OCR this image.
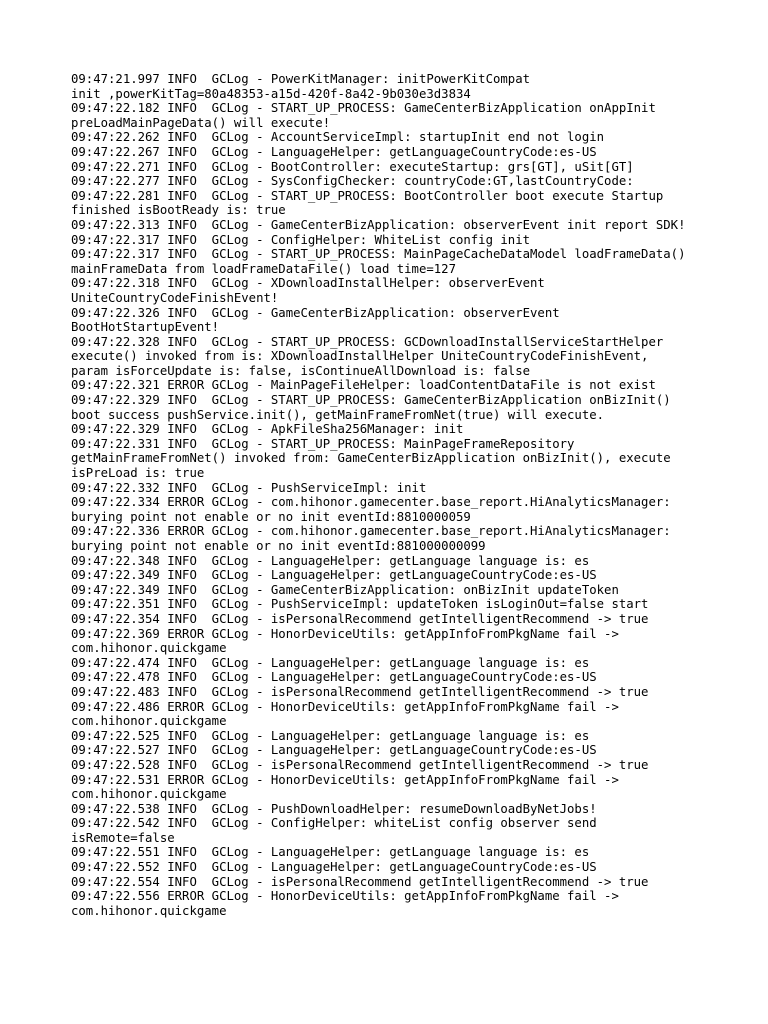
09:47:21.997 INFO  GCLog - PowerKitManager: initPowerKitCompat
init ,powerKitTag=80a48353-a15d-420f-8a42-9b030e3d3834
09:47:22.182 INFO  GCLog - START_UP_PROCESS: GameCenterBizApplication onAppInit
preLoadMainPageData() will execute!
09:47:22.262 INFO  GCLog - AccountServiceImpl: startupInit end not login
09:47:22.267 INFO  GCLog - LanguageHelper: getLanguageCountryCode:es-US
09:47:22.271 INFO  GCLog - BootController: executeStartup: grs[GT], uSit[GT]
09:47:22.277 INFO  GCLog - SysConfigChecker: countryCode:GT,lastCountryCode:
09:47:22.281 INFO  GCLog - START_UP_PROCESS: BootController boot execute Startup
finished isBootReady is: true
09:47:22.313 INFO  GCLog - GameCenterBizApplication: observerEvent init report SDK!
09:47:22.317 INFO  GCLog - ConfigHelper: WhiteList config init
09:47:22.317 INFO  GCLog - START_UP_PROCESS: MainPageCacheDataModel loadFrameData()
mainFrameData from loadFrameDataFile() load time=127
09:47:22.318 INFO  GCLog - XDownloadInstallHelper: observerEvent
UniteCountryCodeFinishEvent!
09:47:22.326 INFO  GCLog - GameCenterBizApplication: observerEvent
BootHotStartupEvent!
09:47:22.328 INFO  GCLog - START_UP_PROCESS: GCDownloadInstallServiceStartHelper
execute() invoked from is: XDownloadInstallHelper UniteCountryCodeFinishEvent,
param isForceUpdate is: false, isContinueAllDownload is: false
09:47:22.321 ERROR GCLog - MainPageFileHelper: loadContentDataFile is not exist
09:47:22.329 INFO  GCLog - START_UP_PROCESS: GameCenterBizApplication onBizInit()
boot success pushService.init(), getMainFrameFromNet(true) will execute.
09:47:22.329 INFO  GCLog - ApkFileSha256Manager: init
09:47:22.331 INFO  GCLog - START_UP_PROCESS: MainPageFrameRepository
getMainFrameFromNet() invoked from: GameCenterBizApplication onBizInit(), execute
isPreLoad is: true
09:47:22.332 INFO  GCLog - PushServiceImpl: init
09:47:22.334 ERROR GCLog - com.hihonor.gamecenter.base_report.HiAnalyticsManager:
burying point not enable or no init eventId:8810000059
09:47:22.336 ERROR GCLog - com.hihonor.gamecenter.base_report.HiAnalyticsManager:
burying point not enable or no init eventId:881000000099
09:47:22.348 INFO  GCLog - LanguageHelper: getLanguage language is: es
09:47:22.349 INFO  GCLog - LanguageHelper: getLanguageCountryCode:es-US
09:47:22.349 INFO  GCLog - GameCenterBizApplication: onBizInit updateToken
09:47:22.351 INFO  GCLog - PushServiceImpl: updateToken isLoginOut=false start
09:47:22.354 INFO  GCLog - isPersonalRecommend getIntelligentRecommend -> true
09:47:22.369 ERROR GCLog - HonorDeviceUtils: getAppInfoFromPkgName fail ->
com.hihonor.quickgame
09:47:22.474 INFO  GCLog - LanguageHelper: getLanguage language is: es
09:47:22.478 INFO  GCLog - LanguageHelper: getLanguageCountryCode:es-US
09:47:22.483 INFO  GCLog - isPersonalRecommend getIntelligentRecommend -> true
09:47:22.486 ERROR GCLog - HonorDeviceUtils: getAppInfoFromPkgName fail ->
com.hihonor.quickgame
09:47:22.525 INFO  GCLog - LanguageHelper: getLanguage language is: es
09:47:22.527 INFO  GCLog - LanguageHelper: getLanguageCountryCode:es-US
09:47:22.528 INFO  GCLog - isPersonalRecommend getIntelligentRecommend -> true
09:47:22.531 ERROR GCLog - HonorDeviceUtils: getAppInfoFromPkgName fail ->
com.hihonor.quickgame
09:47:22.538 INFO  GCLog - PushDownloadHelper: resumeDownloadByNetJobs!
09:47:22.542 INFO  GCLog - ConfigHelper: whiteList config observer send
isRemote=false
09:47:22.551 INFO  GCLog - LanguageHelper: getLanguage language is: es
09:47:22.552 INFO  GCLog - LanguageHelper: getLanguageCountryCode:es-US
09:47:22.554 INFO  GCLog - isPersonalRecommend getIntelligentRecommend -> true
09:47:22.556 ERROR GCLog - HonorDeviceUtils: getAppInfoFromPkgName fail ->
com.hihonor.quickgame
